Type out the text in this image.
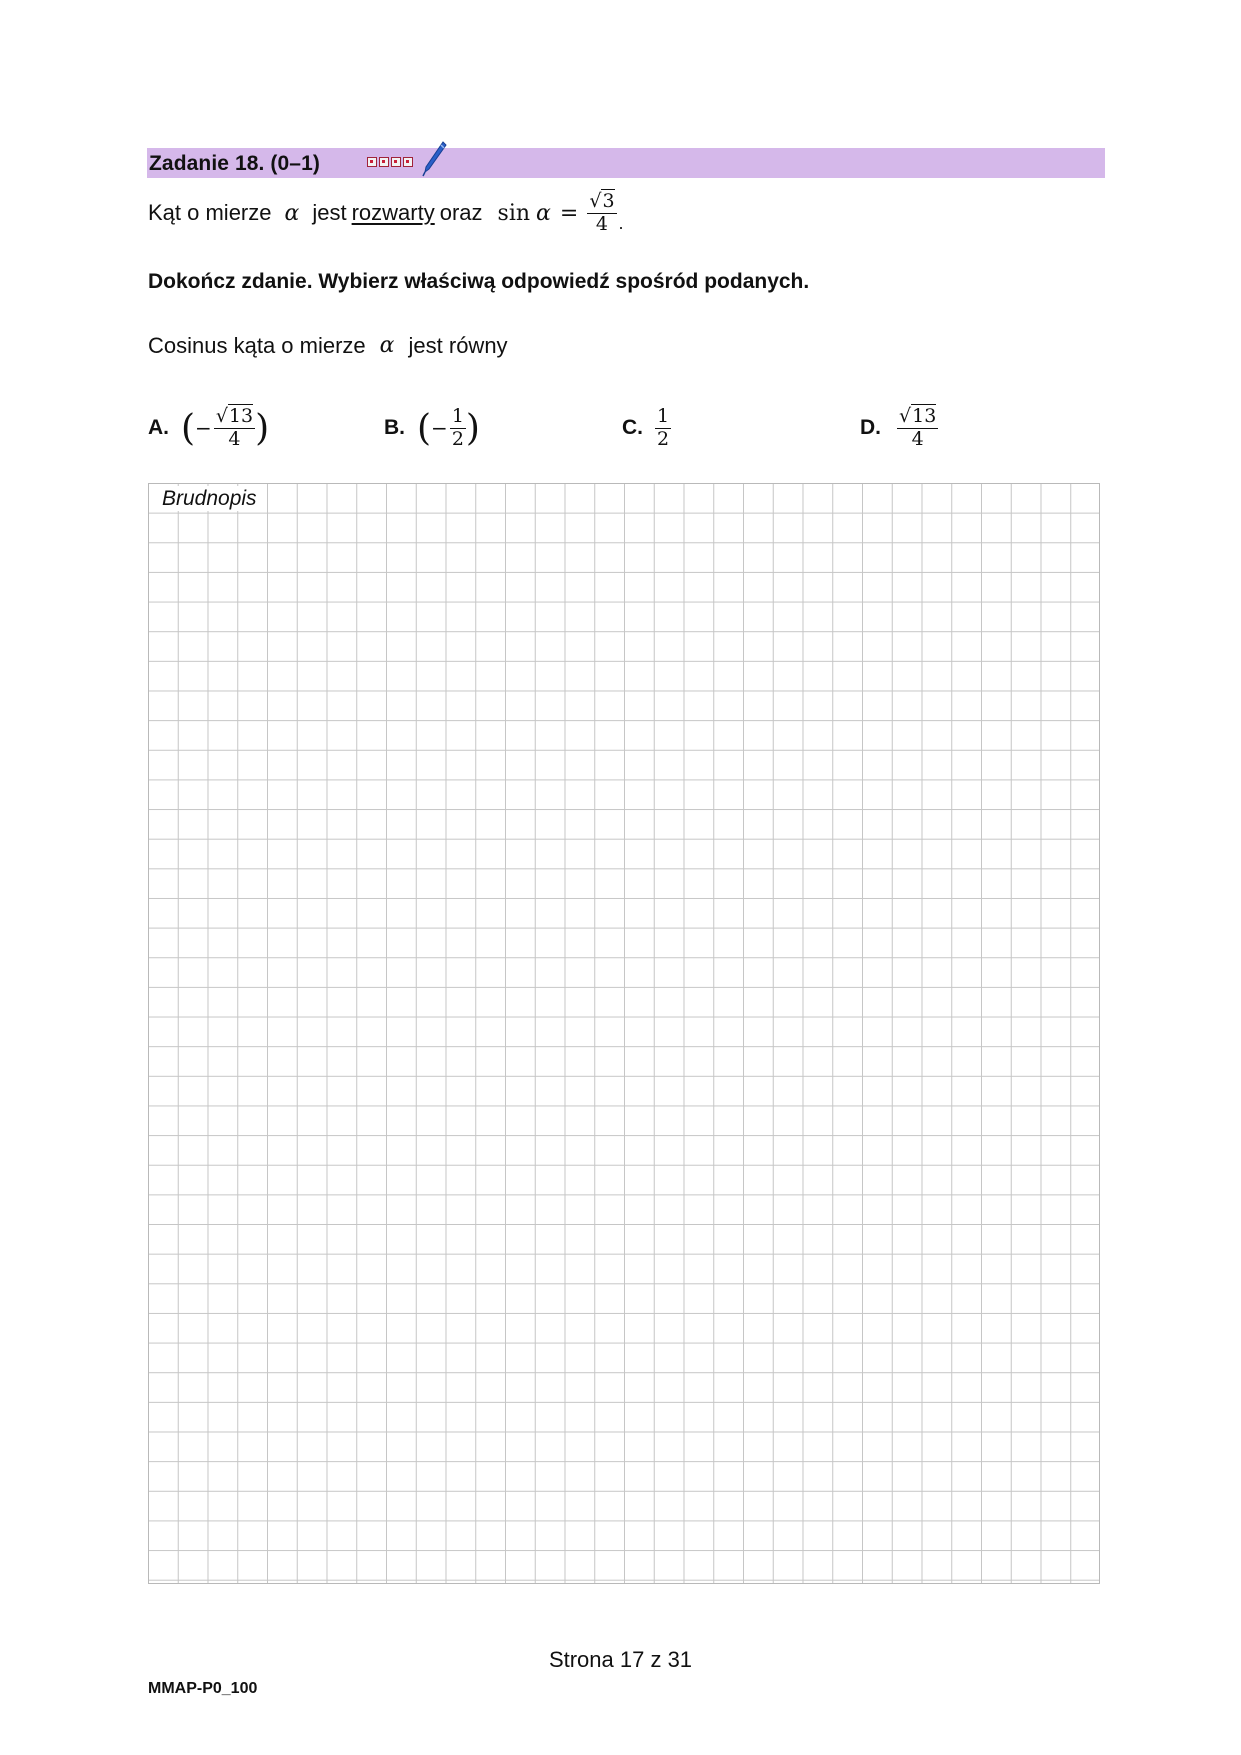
Zadanie 18. (0–1)
Kąt o mierze α jest rozwarty oraz $\sin \alpha = \frac{√3}{4}$ .
Dokończ zdanie. Wybierz właściwą odpowiedź spośród podanych.
Cosinus kąta o mierze α jest równy
A. ( − $\frac{√13}{4}$ )	B. ( − $\frac{1}{2}$ )	C. $\frac{1}{2}$	D. $\frac{√13}{4}$
Brudnopis
Strona 17 z 31
MMAP-P0_100
